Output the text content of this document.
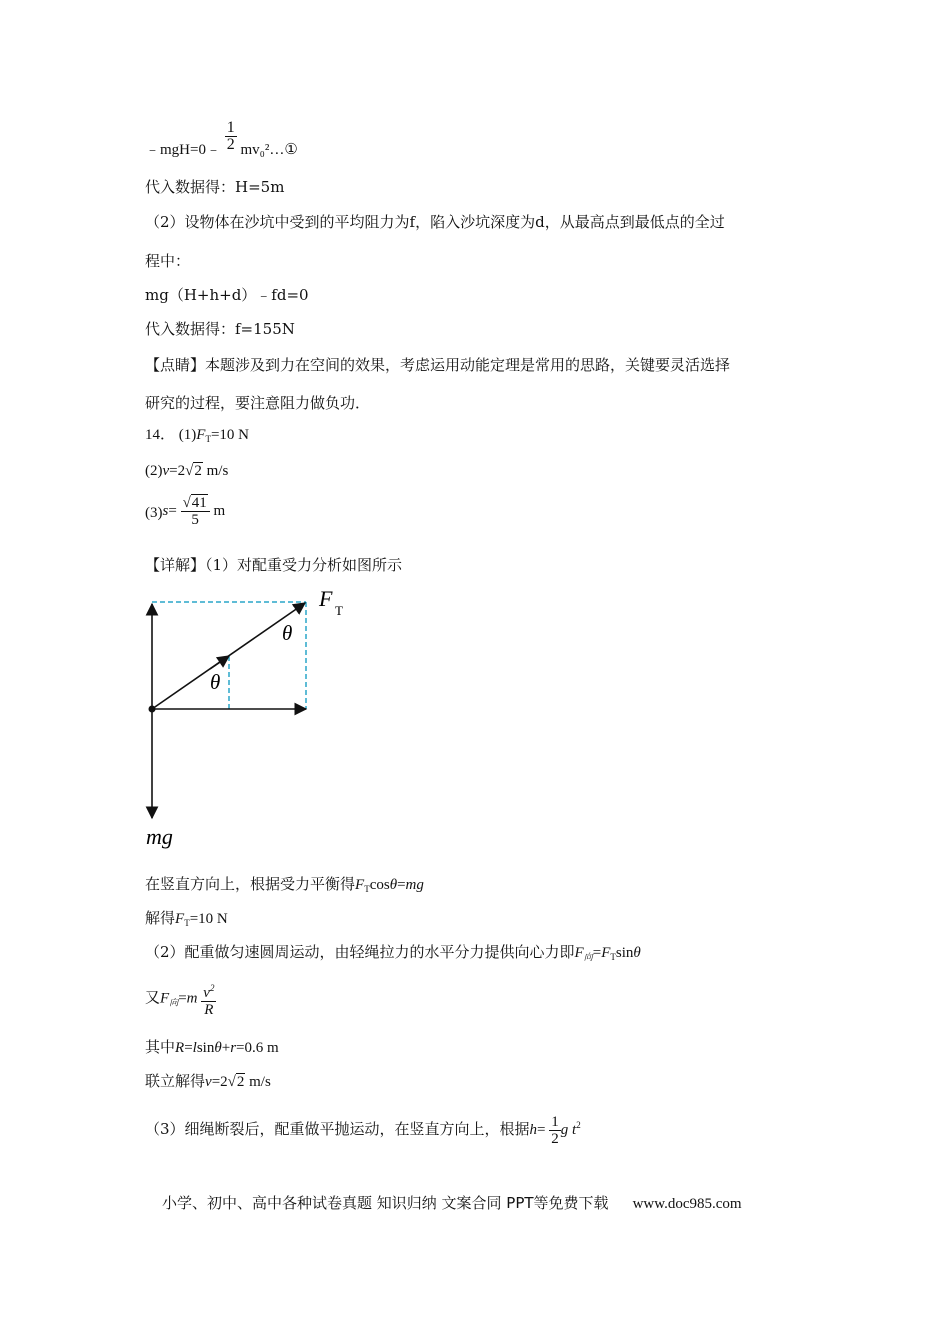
﹣mgH=0﹣ $\frac{1}{2}$ mv₀²…①
代入数据得：H=5m
（2）设物体在沙坑中受到的平均阻力为f，陷入沙坑深度为d，从最高点到最低点的全过
程中：
mg（H+h+d）﹣fd=0
代入数据得：f=155N
【点睛】本题涉及到力在空间的效果，考虑运用动能定理是常用的思路，关键要灵活选择
研究的过程，要注意阻力做负功．
14． $(1)F_T=10$ N
(2)v=2√2 m/s
$(3)s= \frac{√41}{5}$ m
【详解】（1）对配重受力分析如图所示
F T
θ
θ
mg
在竖直方向上，根据受力平衡得$F_T\cos\theta=mg$
解得$F_T=10$ N
（2）配重做匀速圆周运动，由轻绳拉力的水平分力提供向心力即$F_向=F_T\sin\theta$
又$F_向=m \frac{v^2}{R}$
其中R=lsinθ+r=0.6 m
联立解得v=2√2 m/s
（3）细绳断裂后，配重做平抛运动，在竖直方向上，根据$h= \frac{1}{2}$ g $t^2$
小学、初中、高中各种试卷真题 知识归纳 文案合同 PPT等免费下载 www.doc985.com
